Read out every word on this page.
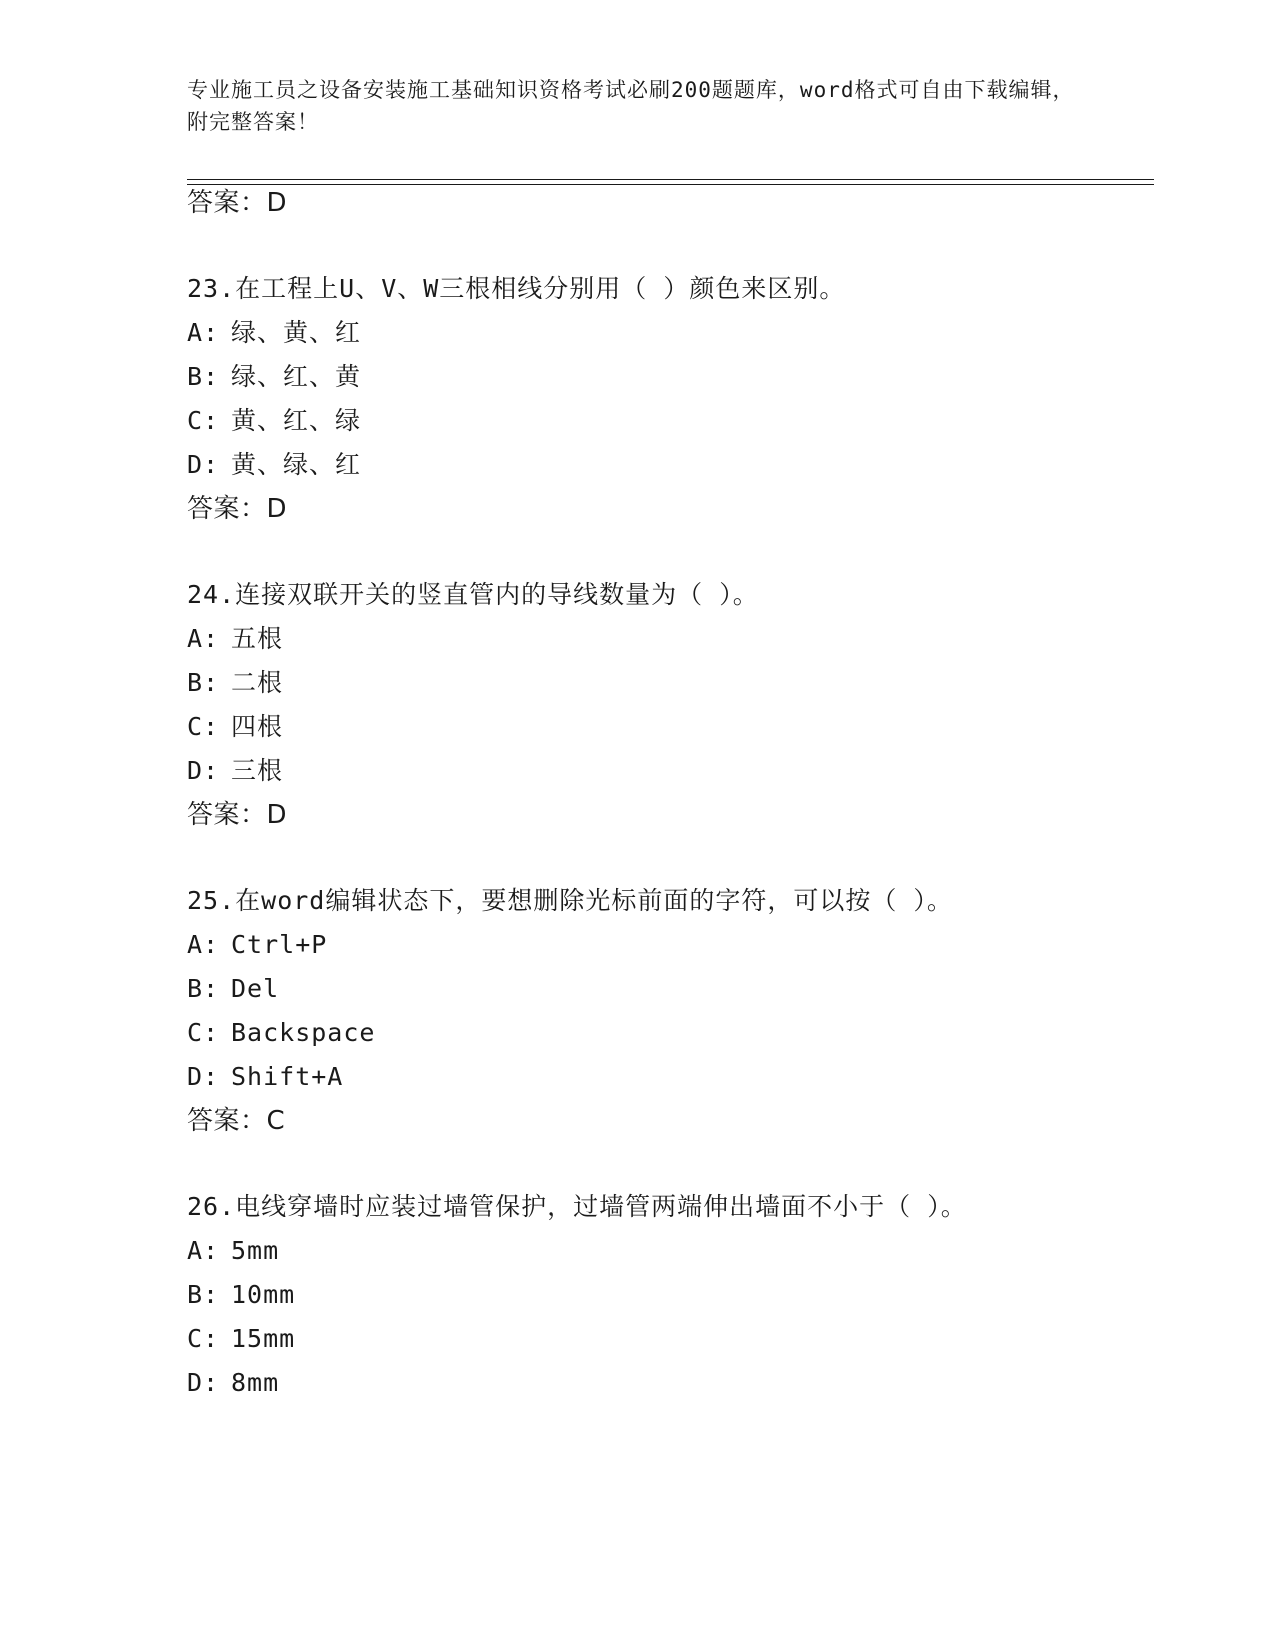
专业施工员之设备安装施工基础知识资格考试必刷200题题库，word格式可自由下载编辑，附完整答案！
答案：D
23.在工程上U、V、W三根相线分别用（ ）颜色来区别。
A: 绿、黄、红
B: 绿、红、黄
C: 黄、红、绿
D: 黄、绿、红
答案：D
24.连接双联开关的竖直管内的导线数量为（ ）。
A: 五根
B: 二根
C: 四根
D: 三根
答案：D
25.在word编辑状态下，要想删除光标前面的字符，可以按（ ）。
A: Ctrl+P
B: Del
C: Backspace
D: Shift+A
答案：C
26.电线穿墙时应装过墙管保护，过墙管两端伸出墙面不小于（ ）。
A: 5mm
B: 10mm
C: 15mm
D: 8mm
